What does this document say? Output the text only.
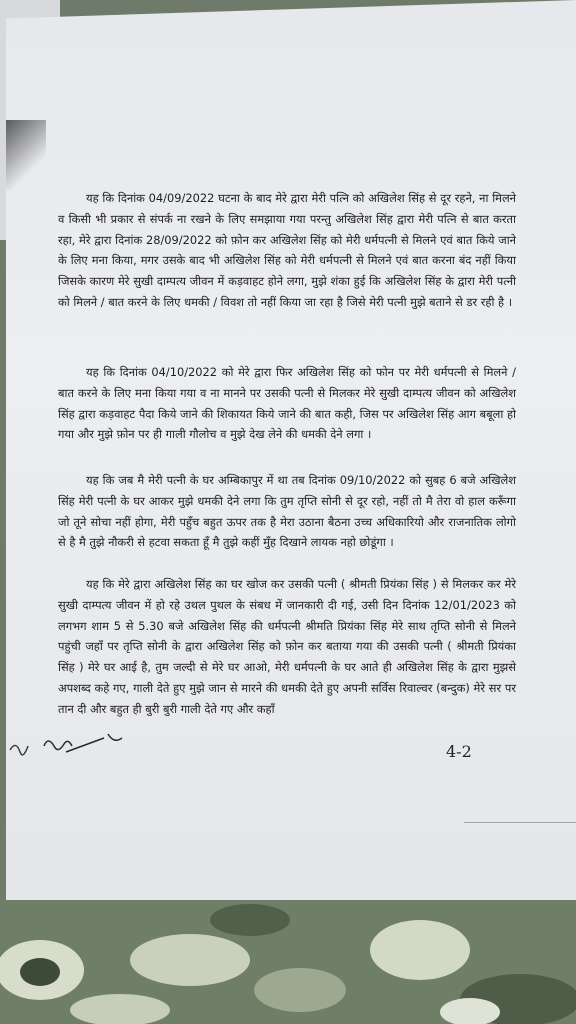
यह कि दिनांक 04/09/2022 घटना के बाद मेरे द्वारा मेरी पत्नि को अखिलेश सिंह से दूर रहने, ना मिलने व किसी भी प्रकार से संपर्क ना रखने के लिए समझाया गया परन्तु अखिलेश सिंह द्वारा मेरी पत्नि से बात करता रहा, मेरे द्वारा दिनांक 28/09/2022 को फ़ोन कर अखिलेश सिंह को मेरी धर्मपत्नी से मिलने एवं बात किये जाने के लिए मना किया, मगर उसके बाद भी अखिलेश सिंह को मेरी धर्मपत्नी से मिलने एवं बात करना बंद नहीं किया जिसके कारण मेरे सुखी दाम्पत्य जीवन में कड़वाहट होने लगा, मुझे शंका हुई कि अखिलेश सिंह के द्वारा मेरी पत्नी को मिलने / बात करने के लिए धमकी / विवश तो नहीं किया जा रहा है जिसे मेरी पत्नी मुझे बताने से डर रही है ।

यह कि दिनांक 04/10/2022 को मेरे द्वारा फिर अखिलेश सिंह को फोन पर मेरी धर्मपत्नी से मिलने / बात करने के लिए मना किया गया व ना मानने पर उसकी पत्नी से मिलकर मेरे सुखी दाम्पत्य जीवन को अखिलेश सिंह द्वारा कड़वाहट पैदा किये जाने की शिकायत किये जाने की बात कही, जिस पर अखिलेश सिंह आग बबूला हो गया और मुझे फ़ोन पर ही गाली गौलोच व मुझे देख लेने की धमकी देने लगा ।

यह कि जब मै मेरी पत्नी के घर अम्बिकापुर में था तब दिनांक 09/10/2022 को सुबह 6 बजे अखिलेश सिंह मेरी पत्नी के घर आकर मुझे धमकी देने लगा कि तुम तृप्ति सोनी से दूर रहो, नहीं तो मै तेरा वो हाल करूँगा जो तूने सोचा नहीं होगा, मेरी पहुँच बहुत ऊपर तक है मेरा उठाना बैठना उच्च अधिकारियो और राजनातिक लोगो से है मै तुझे नौकरी से हटवा सकता हूँ मै तुझे कहीं मुँह दिखाने लायक नहो छोडूंगा ।

यह कि मेरे द्वारा अखिलेश सिंह का घर खोज कर उसकी पत्नी ( श्रीमती प्रियंका सिंह ) से मिलकर कर मेरे सुखी दाम्पत्य जीवन में हो रहे उथल पुथल के संबध में जानकारी दी गई, उसी दिन दिनांक 12/01/2023 को लगभग शाम 5 से 5.30 बजे अखिलेश सिंह की धर्मपत्नी श्रीमति प्रियंका सिंह मेरे साथ तृप्ति सोनी से मिलने पहुंची जहाँ पर तृप्ति सोनी के द्वारा अखिलेश सिंह को फ़ोन कर बताया गया की उसकी पत्नी ( श्रीमती प्रियंका सिंह ) मेरे घर आई है, तुम जल्दी से मेरे घर आओ, मेरी धर्मपत्नी के घर आते ही अखिलेश सिंह के द्वारा मुझसे अपशब्द कहे गए, गाली देते हुए मुझे जान से मारने की धमकी देते हुए अपनी सर्विस रिवाल्वर (बन्दुक) मेरे सर पर तान दी और बहुत ही बुरी बुरी गाली देते गए और कहाँ

4-2
